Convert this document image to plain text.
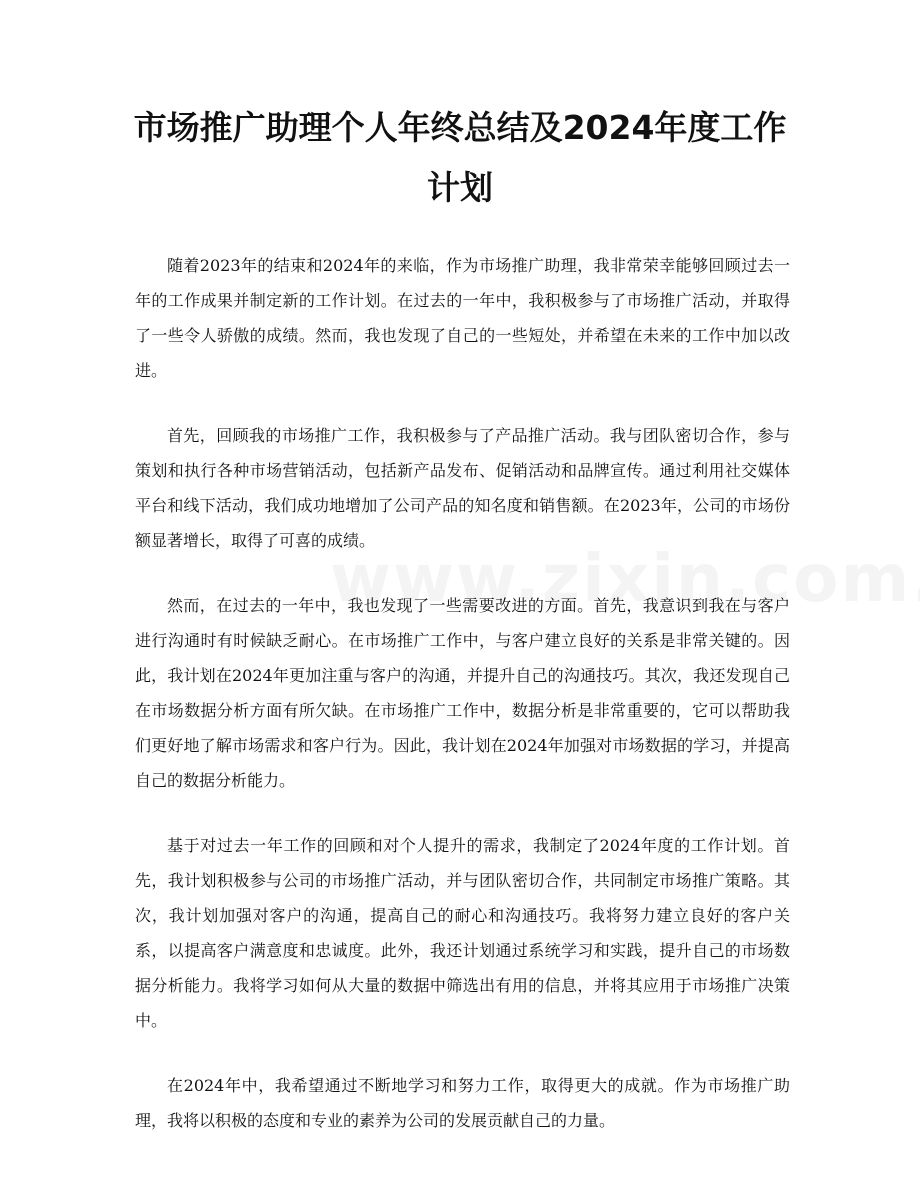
市场推广助理个人年终总结及2024年度工作
计划

随着2023年的结束和2024年的来临，作为市场推广助理，我非常荣幸能够回顾过去一年的工作成果并制定新的工作计划。在过去的一年中，我积极参与了市场推广活动，并取得了一些令人骄傲的成绩。然而，我也发现了自己的一些短处，并希望在未来的工作中加以改进。

首先，回顾我的市场推广工作，我积极参与了产品推广活动。我与团队密切合作，参与策划和执行各种市场营销活动，包括新产品发布、促销活动和品牌宣传。通过利用社交媒体平台和线下活动，我们成功地增加了公司产品的知名度和销售额。在2023年，公司的市场份额显著增长，取得了可喜的成绩。

然而，在过去的一年中，我也发现了一些需要改进的方面。首先，我意识到我在与客户进行沟通时有时候缺乏耐心。在市场推广工作中，与客户建立良好的关系是非常关键的。因此，我计划在2024年更加注重与客户的沟通，并提升自己的沟通技巧。其次，我还发现自己在市场数据分析方面有所欠缺。在市场推广工作中，数据分析是非常重要的，它可以帮助我们更好地了解市场需求和客户行为。因此，我计划在2024年加强对市场数据的学习，并提高自己的数据分析能力。

基于对过去一年工作的回顾和对个人提升的需求，我制定了2024年度的工作计划。首先，我计划积极参与公司的市场推广活动，并与团队密切合作，共同制定市场推广策略。其次，我计划加强对客户的沟通，提高自己的耐心和沟通技巧。我将努力建立良好的客户关系，以提高客户满意度和忠诚度。此外，我还计划通过系统学习和实践，提升自己的市场数据分析能力。我将学习如何从大量的数据中筛选出有用的信息，并将其应用于市场推广决策中。

在2024年中，我希望通过不断地学习和努力工作，取得更大的成就。作为市场推广助理，我将以积极的态度和专业的素养为公司的发展贡献自己的力量。
